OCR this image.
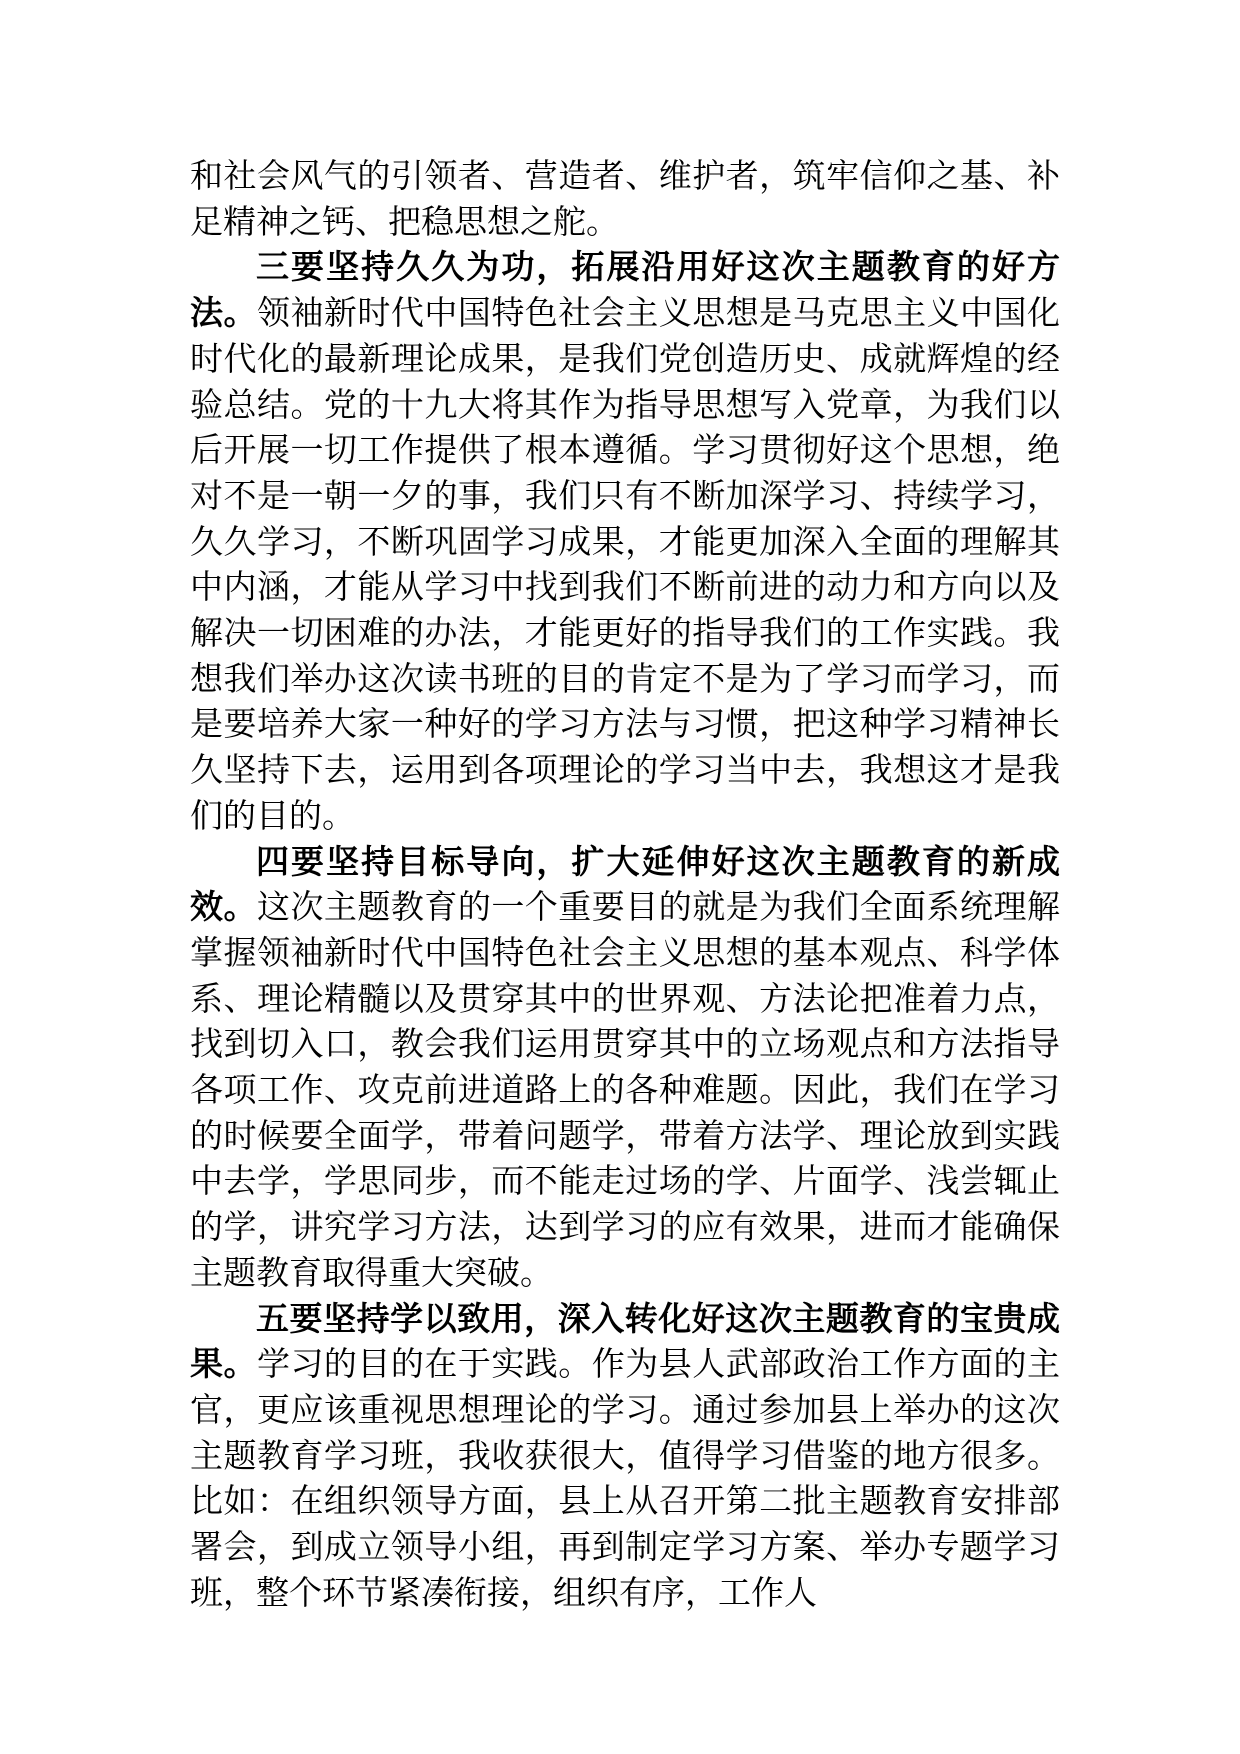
和社会风气的引领者、营造者、维护者，筑牢信仰之基、补足精神之钙、把稳思想之舵。

三要坚持久久为功，拓展沿用好这次主题教育的好方法。领袖新时代中国特色社会主义思想是马克思主义中国化时代化的最新理论成果，是我们党创造历史、成就辉煌的经验总结。党的十九大将其作为指导思想写入党章，为我们以后开展一切工作提供了根本遵循。学习贯彻好这个思想，绝对不是一朝一夕的事，我们只有不断加深学习、持续学习，久久学习，不断巩固学习成果，才能更加深入全面的理解其中内涵，才能从学习中找到我们不断前进的动力和方向以及解决一切困难的办法，才能更好的指导我们的工作实践。我想我们举办这次读书班的目的肯定不是为了学习而学习，而是要培养大家一种好的学习方法与习惯，把这种学习精神长久坚持下去，运用到各项理论的学习当中去，我想这才是我们的目的。

四要坚持目标导向，扩大延伸好这次主题教育的新成效。这次主题教育的一个重要目的就是为我们全面系统理解掌握领袖新时代中国特色社会主义思想的基本观点、科学体系、理论精髓以及贯穿其中的世界观、方法论把准着力点，找到切入口，教会我们运用贯穿其中的立场观点和方法指导各项工作、攻克前进道路上的各种难题。因此，我们在学习的时候要全面学，带着问题学，带着方法学、理论放到实践中去学，学思同步，而不能走过场的学、片面学、浅尝辄止的学，讲究学习方法，达到学习的应有效果，进而才能确保主题教育取得重大突破。

五要坚持学以致用，深入转化好这次主题教育的宝贵成果。学习的目的在于实践。作为县人武部政治工作方面的主官，更应该重视思想理论的学习。通过参加县上举办的这次主题教育学习班，我收获很大，值得学习借鉴的地方很多。比如：在组织领导方面，县上从召开第二批主题教育安排部署会，到成立领导小组，再到制定学习方案、举办专题学习班，整个环节紧凑衔接，组织有序，工作人
